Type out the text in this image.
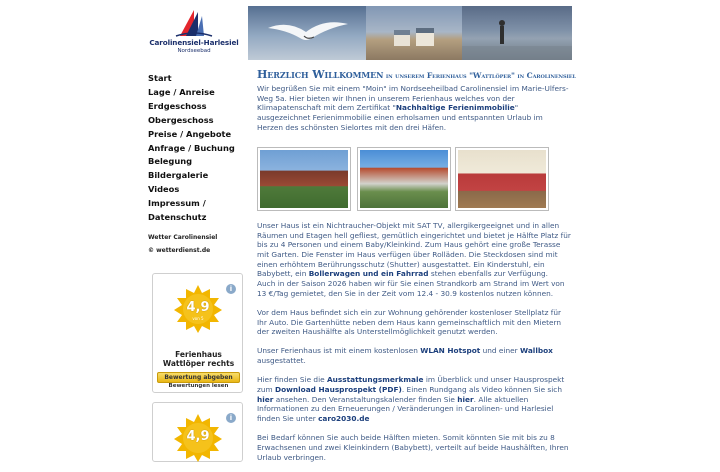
Carolinensiel-Harlesiel
Nordseebad
Start
Lage / Anreise
Erdgeschoss
Obergeschoss
Preise / Angebote
Anfrage / Buchung
Belegung
Bildergalerie
Videos
Impressum /
Datenschutz
Wetter Carolinensiel
© wetterdienst.de
i
4,9
von 5
Ferienhaus Wattlöper rechts
Bewertung abgeben
Bewertungen lesen
i
4,9
Herzlich Willkommen in unserem Ferienhaus "Wattlöper" in Carolinensiel

Wir begrüßen Sie mit einem "Moin" im Nordseeheilbad Carolinensiel im Marie-Ulfers-Weg 5a. Hier bieten wir Ihnen in unserem Ferienhaus welches von der Klimapatenschaft mit dem Zertifikat "Nachhaltige Ferienimmobilie" ausgezeichnet Ferienimmobilie einen erholsamen und entspannten Urlaub im Herzen des schönsten Sielortes mit den drei Häfen.

Unser Haus ist ein Nichtraucher-Objekt mit SAT TV, allergikergeeignet und in allen Räumen und Etagen hell gefliest, gemütlich eingerichtet und bietet je Hälfte Platz für bis zu 4 Personen und einem Baby/Kleinkind. Zum Haus gehört eine große Terasse mit Garten. Die Fenster im Haus verfügen über Rolläden. Die Steckdosen sind mit einen erhöhtem Berührungsschutz (Shutter) ausgestattet. Ein Kinderstuhl, ein Babybett, ein Bollerwagen und ein Fahrrad stehen ebenfalls zur Verfügung.
Auch in der Saison 2026 haben wir für Sie einen Strandkorb am Strand im Wert von 13 €/Tag gemietet, den Sie in der Zeit vom 12.4 - 30.9 kostenlos nutzen können.

Vor dem Haus befindet sich ein zur Wohnung gehörender kostenloser Stellplatz für Ihr Auto. Die Gartenhütte neben dem Haus kann gemeinschaftlich mit den Mietern der zweiten Haushälfte als Unterstellmöglichkeit genutzt werden.

Unser Ferienhaus ist mit einem kostenlosen WLAN Hotspot und einer Wallbox ausgestattet.

Hier finden Sie die Ausstattungsmerkmale im Überblick und unser Hausprospekt zum Download Hausprospekt (PDF). Einen Rundgang als Video können Sie sich hier ansehen. Den Veranstaltungskalender finden Sie hier. Alle aktuellen Informationen zu den Erneuerungen / Veränderungen in Carolinen- und Harlesiel finden Sie unter caro2030.de

Bei Bedarf können Sie auch beide Hälften mieten. Somit könnten Sie mit bis zu 8 Erwachsenen und zwei Kleinkindern (Babybett), verteilt auf beide Haushälften, Ihren Urlaub verbringen.
